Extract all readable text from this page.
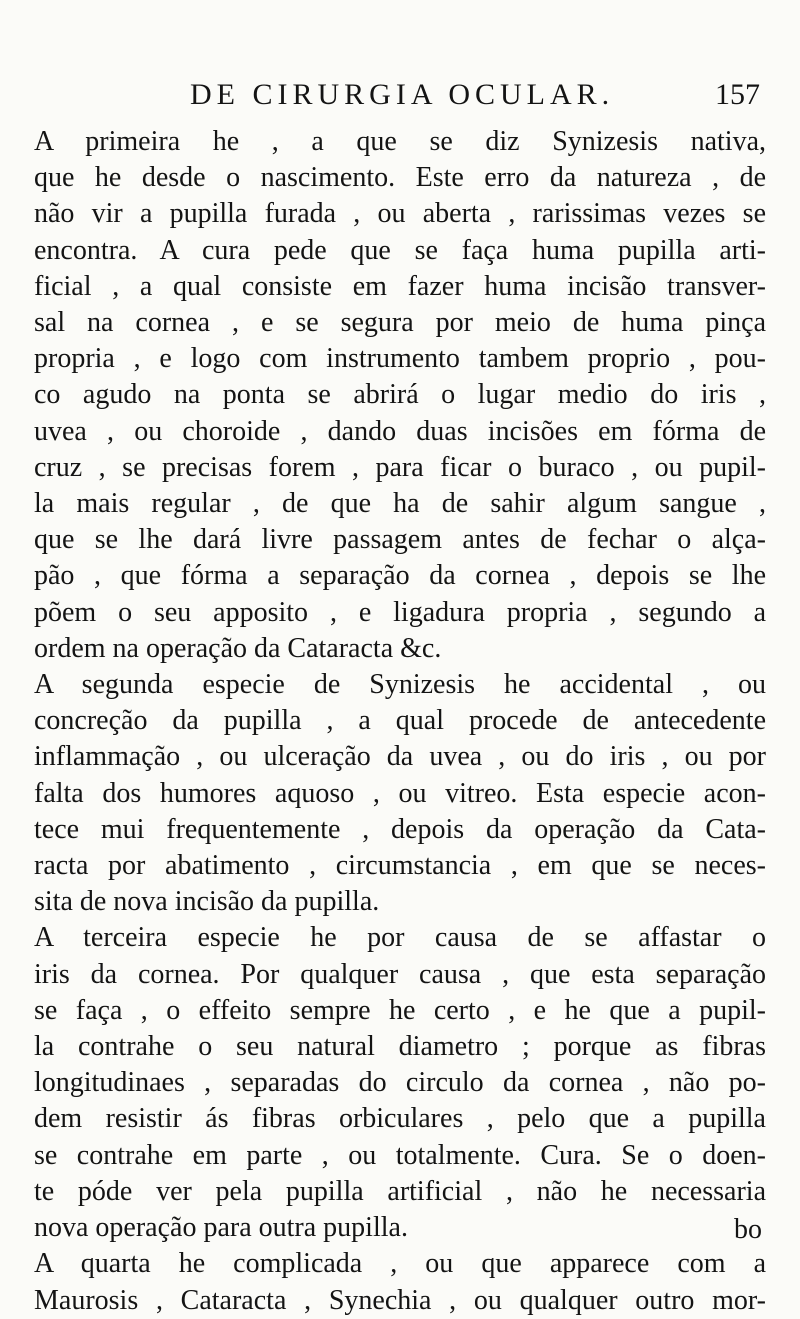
DE CIRURGIA OCULAR.	157
A primeira he , a que se diz Synizesis nativa,
que he desde o nascimento. Este erro da natureza , de
não vir a pupilla furada , ou aberta , rarissimas vezes se
encontra. A cura pede que se faça huma pupilla arti-
ficial , a qual consiste em fazer huma incisão transver-
sal na cornea , e se segura por meio de huma pinça
propria , e logo com instrumento tambem proprio , pou-
co agudo na ponta se abrirá o lugar medio do iris ,
uvea , ou choroide , dando duas incisões em fórma de
cruz , se precisas forem , para ficar o buraco , ou pupil-
la mais regular , de que ha de sahir algum sangue ,
que se lhe dará livre passagem antes de fechar o alça-
pão , que fórma a separação da cornea , depois se lhe
põem o seu apposito , e ligadura propria , segundo a
ordem na operação da Cataracta &c.
A segunda especie de Synizesis he accidental , ou
concreção da pupilla , a qual procede de antecedente
inflammação , ou ulceração da uvea , ou do iris , ou por
falta dos humores aquoso , ou vitreo. Esta especie acon-
tece mui frequentemente , depois da operação da Cata-
racta por abatimento , circumstancia , em que se neces-
sita de nova incisão da pupilla.
A terceira especie he por causa de se affastar o
iris da cornea. Por qualquer causa , que esta separação
se faça , o effeito sempre he certo , e he que a pupil-
la contrahe o seu natural diametro ; porque as fibras
longitudinaes , separadas do circulo da cornea , não po-
dem resistir ás fibras orbiculares , pelo que a pupilla
se contrahe em parte , ou totalmente. Cura. Se o doen-
te póde ver pela pupilla artificial , não he necessaria
nova operação para outra pupilla.
A quarta he complicada , ou que apparece com a
Maurosis , Cataracta , Synechia , ou qualquer outro mor-
bo
